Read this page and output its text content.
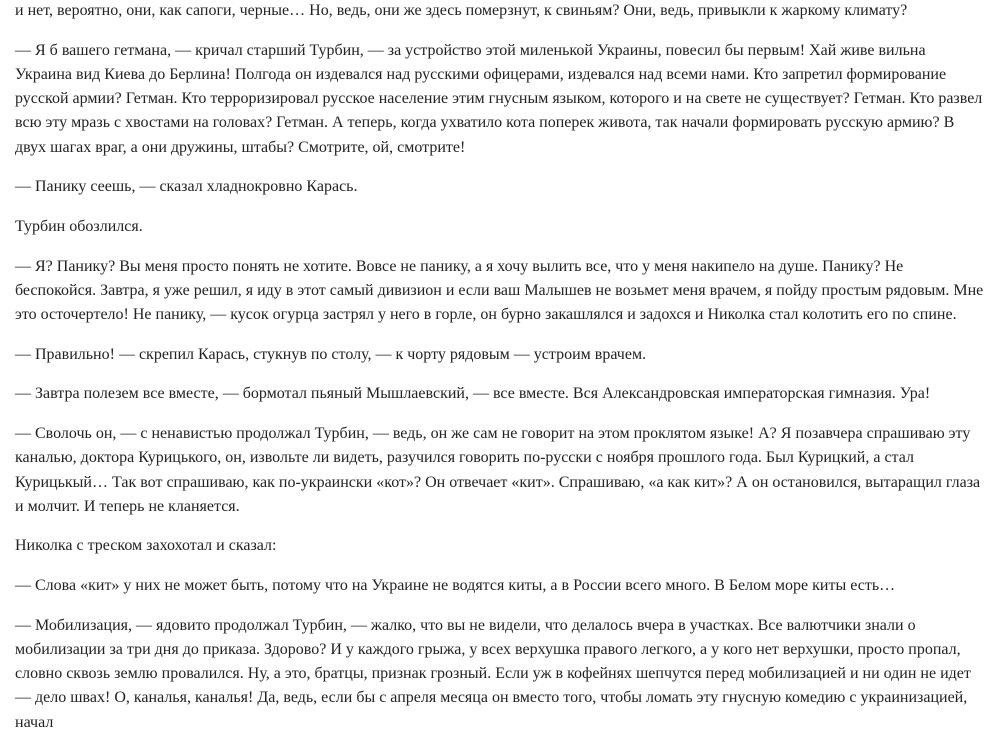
и нет, вероятно, они, как сапоги, черные… Но, ведь, они же здесь померзнут, к свиньям? Они, ведь, привыкли к жаркому климату?

— Я б вашего гетмана, — кричал старший Турбин, — за устройство этой миленькой Украины, повесил бы первым! Хай живе вильна Украина вид Киева до Берлина! Полгода он издевался над русскими офицерами, издевался над всеми нами. Кто запретил формирование русской армии? Гетман. Кто терроризировал русское население этим гнусным языком, которого и на свете не существует? Гетман. Кто развел всю эту мразь с хвостами на головах? Гетман. А теперь, когда ухватило кота поперек живота, так начали формировать русскую армию? В двух шагах враг, а они дружины, штабы? Смотрите, ой, смотрите!

— Панику сеешь, — сказал хладнокровно Карась.

Турбин обозлился.

— Я? Панику? Вы меня просто понять не хотите. Вовсе не панику, а я хочу вылить все, что у меня накипело на душе. Панику? Не беспокойся. Завтра, я уже решил, я иду в этот самый дивизион и если ваш Малышев не возьмет меня врачем, я пойду простым рядовым. Мне это осточертело! Не панику, — кусок огурца застрял у него в горле, он бурно закашлялся и задохся и Николка стал колотить его по спине.

— Правильно! — скрепил Карась, стукнув по столу, — к чорту рядовым — устроим врачем.

— Завтра полезем все вместе, — бормотал пьяный Мышлаевский, — все вместе. Вся Александровская императорская гимназия. Ура!

— Сволочь он, — с ненавистью продолжал Турбин, — ведь, он же сам не говорит на этом проклятом языке! А? Я позавчера спрашиваю эту каналью, доктора Курицького, он, извольте ли видеть, разучился говорить по-русски с ноября прошлого года. Был Курицкий, а стал Курицькый… Так вот спрашиваю, как по-украински «кот»? Он отвечает «кит». Спрашиваю, «а как кит»? А он остановился, вытаращил глаза и молчит. И теперь не кланяется.

Николка с треском захохотал и сказал:

— Слова «кит» у них не может быть, потому что на Украине не водятся киты, а в России всего много. В Белом море киты есть…

— Мобилизация, — ядовито продолжал Турбин, — жалко, что вы не видели, что делалось вчера в участках. Все валютчики знали о мобилизации за три дня до приказа. Здорово? И у каждого грыжа, у всех верхушка правого легкого, а у кого нет верхушки, просто пропал, словно сквозь землю провалился. Ну, а это, братцы, признак грозный. Если уж в кофейнях шепчутся перед мобилизацией и ни один не идет — дело швах! О, каналья, каналья! Да, ведь, если бы с апреля месяца он вместо того, чтобы ломать эту гнусную комедию с украинизацией, начал
